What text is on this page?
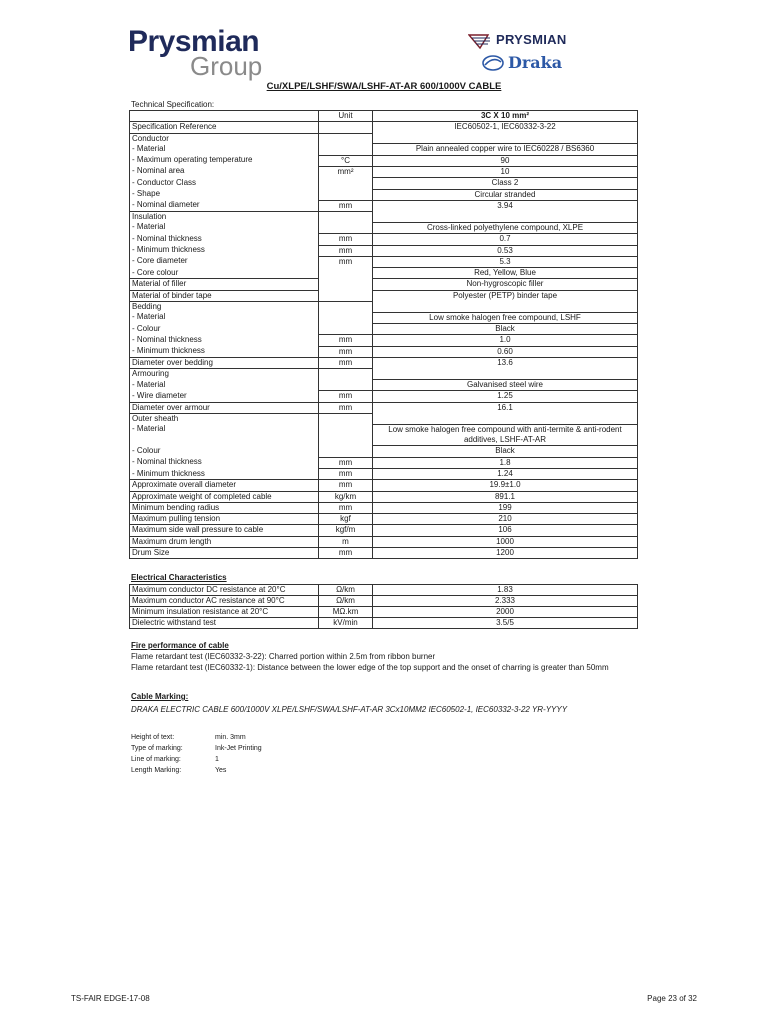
Prysmian
Group
PRYSMIAN
Draka
Cu/XLPE/LSHF/SWA/LSHF-AT-AR 600/1000V CABLE
Technical Specification:
	Unit	3C X 10 mm²
Specification Reference		IEC60502-1, IEC60332-3-22
Conductor		
- Material		Plain annealed copper wire to IEC60228 / BS6360
- Maximum operating temperature	°C	90
- Nominal area	mm²	10
- Conductor Class		Class 2
- Shape		Circular stranded
- Nominal diameter	mm	3.94
Insulation		
- Material		Cross-linked polyethylene compound, XLPE
- Nominal thickness	mm	0.7
- Minimum thickness	mm	0.53
- Core diameter	mm	5.3
- Core colour		Red, Yellow, Blue
Material of filler		Non-hygroscopic filler
Material of binder tape		Polyester (PETP) binder tape
Bedding		
- Material		Low smoke halogen free compound, LSHF
- Colour		Black
- Nominal thickness	mm	1.0
- Minimum thickness	mm	0.60
Diameter over bedding	mm	13.6
Armouring		
- Material		Galvanised steel wire
- Wire diameter	mm	1.25
Diameter over armour	mm	16.1
Outer sheath		
- Material		Low smoke halogen free compound with anti-termite & anti-rodent additives, LSHF-AT-AR
- Colour		Black
- Nominal thickness	mm	1.8
- Minimum thickness	mm	1.24
Approximate overall diameter	mm	19.9±1.0
Approximate weight of completed cable	kg/km	891.1
Minimum bending radius	mm	199
Maximum pulling tension	kgf	210
Maximum side wall pressure to cable	kgf/m	106
Maximum drum length	m	1000
Drum Size	mm	1200
Electrical Characteristics
Maximum conductor DC resistance at 20°C	Ω/km	1.83
Maximum conductor AC resistance at 90°C	Ω/km	2.333
Minimum insulation resistance at 20°C	MΩ.km	2000
Dielectric withstand test	kV/min	3.5/5
Fire performance of cable
Flame retardant test (IEC60332-3-22): Charred portion within 2.5m from ribbon burner
Flame retardant test (IEC60332-1): Distance between the lower edge of the top support and the onset of charring is greater than 50mm
Cable Marking:
DRAKA ELECTRIC CABLE 600/1000V XLPE/LSHF/SWA/LSHF-AT-AR 3Cx10MM2 IEC60502-1, IEC60332-3-22 YR-YYYY
Height of text:	min. 3mm
Type of marking:	Ink-Jet Printing
Line of marking:	1
Length Marking:	Yes
TS-FAIR EDGE-17-08	Page 23 of 32
